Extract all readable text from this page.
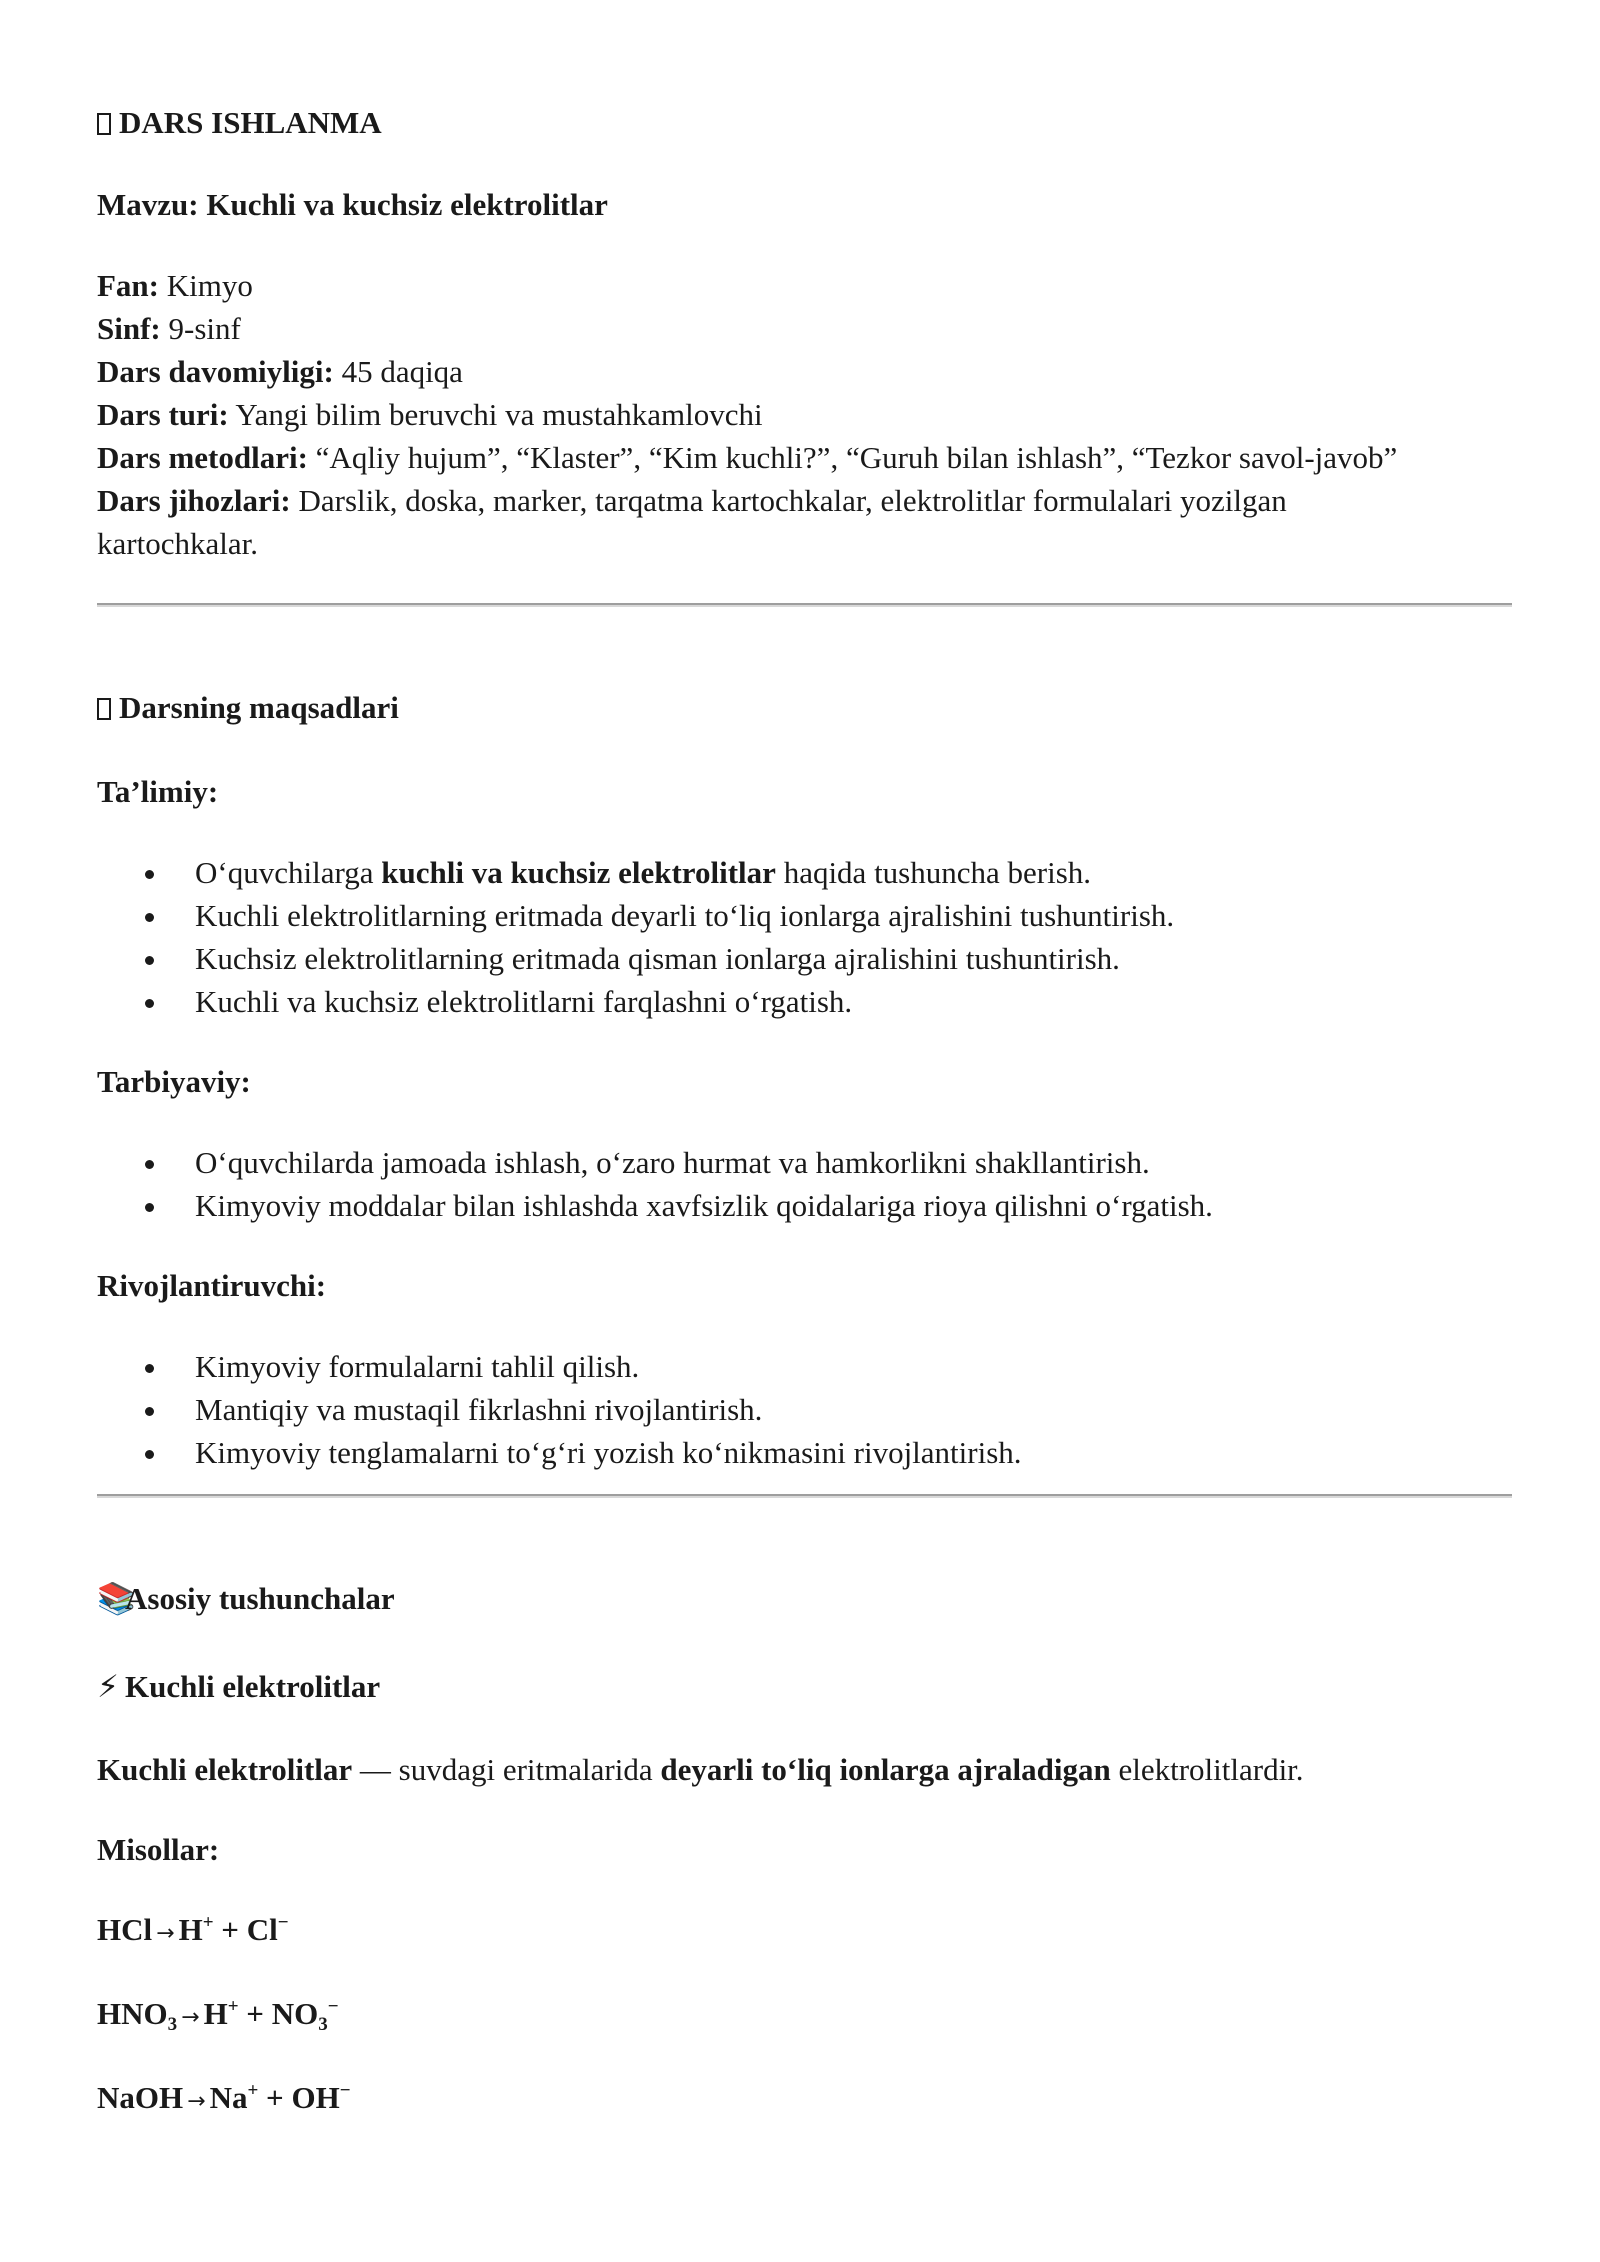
DARS ISHLANMA

Mavzu: Kuchli va kuchsiz elektrolitlar

Fan: Kimyo

Sinf: 9-sinf

Dars davomiyligi: 45 daqiqa

Dars turi: Yangi bilim beruvchi va mustahkamlovchi

Dars metodlari: “Aqliy hujum”, “Klaster”, “Kim kuchli?”, “Guruh bilan ishlash”, “Tezkor savol-javob”

Dars jihozlari: Darslik, doska, marker, tarqatma kartochkalar, elektrolitlar formulalari yozilgan

kartochkalar.

Darsning maqsadlari

Ta’limiy:

O‘quvchilarga kuchli va kuchsiz elektrolitlar haqida tushuncha berish.
Kuchli elektrolitlarning eritmada deyarli to‘liq ionlarga ajralishini tushuntirish.
Kuchsiz elektrolitlarning eritmada qisman ionlarga ajralishini tushuntirish.
Kuchli va kuchsiz elektrolitlarni farqlashni o‘rgatish.

Tarbiyaviy:

O‘quvchilarda jamoada ishlash, o‘zaro hurmat va hamkorlikni shakllantirish.
Kimyoviy moddalar bilan ishlashda xavfsizlik qoidalariga rioya qilishni o‘rgatish.

Rivojlantiruvchi:

Kimyoviy formulalarni tahlil qilish.
Mantiqiy va mustaqil fikrlashni rivojlantirish.
Kimyoviy tenglamalarni to‘g‘ri yozish ko‘nikmasini rivojlantirish.

📚Asosiy tushunchalar

⚡ Kuchli elektrolitlar

Kuchli elektrolitlar — suvdagi eritmalarida deyarli to‘liq ionlarga ajraladigan elektrolitlardir.

Misollar:

HCl → H+ + Cl−

$HNO_3 \to H^+ + NO_3^-$

NaOH → Na+ + OH−
